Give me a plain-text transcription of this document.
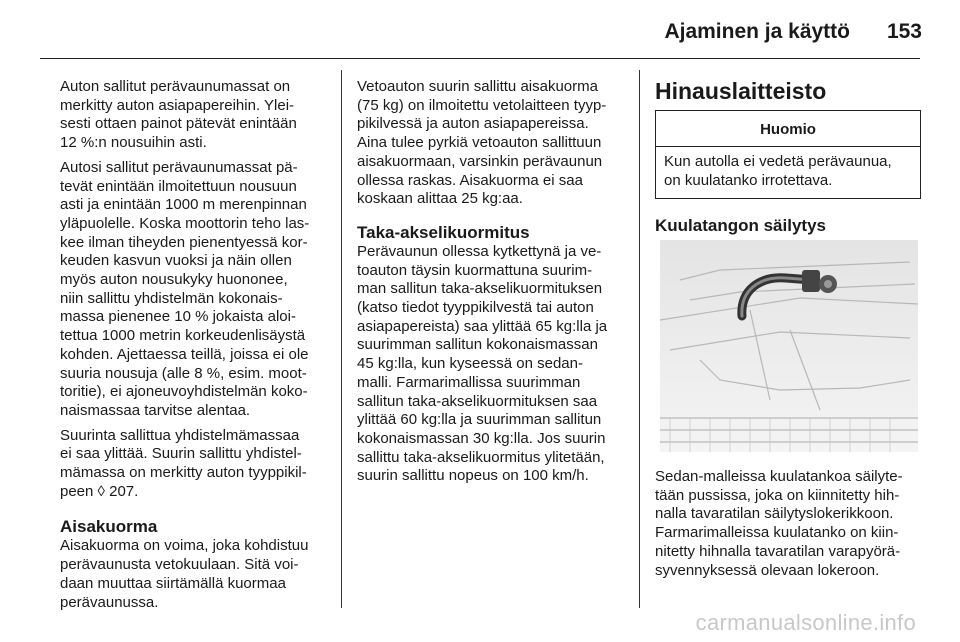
Ajaminen ja käyttö 153
Auton sallitut perävaunumassat on
merkitty auton asiapapereihin. Ylei-
sesti ottaen painot pätevät enintään
12 %:n nousuihin asti.
Autosi sallitut perävaunumassat pä-
tevät enintään ilmoitettuun nousuun
asti ja enintään 1000 m merenpinnan
yläpuolelle. Koska moottorin teho las-
kee ilman tiheyden pienentyessä kor-
keuden kasvun vuoksi ja näin ollen
myös auton nousukyky huononee,
niin sallittu yhdistelmän kokonais-
massa pienenee 10 % jokaista aloi-
tettua 1000 metrin korkeudenlisäystä
kohden. Ajettaessa teillä, joissa ei ole
suuria nousuja (alle 8 %, esim. moot-
toritie), ei ajoneuvoyhdistelmän koko-
naismassaa tarvitse alentaa.
Suurinta sallittua yhdistelmämassaa
ei saa ylittää. Suurin sallittu yhdistel-
mämassa on merkitty auton tyyppikil-
peen ◊ 207.
Aisakuorma
Aisakuorma on voima, joka kohdistuu
perävaunusta vetokuulaan. Sitä voi-
daan muuttaa siirtämällä kuormaa
perävaunussa.
Vetoauton suurin sallittu aisakuorma
(75 kg) on ilmoitettu vetolaitteen tyyp-
pikilvessä ja auton asiapapereissa.
Aina tulee pyrkiä vetoauton sallittuun
aisakuormaan, varsinkin perävaunun
ollessa raskas. Aisakuorma ei saa
koskaan alittaa 25 kg:aa.
Taka-akselikuormitus
Perävaunun ollessa kytkettynä ja ve-
toauton täysin kuormattuna suurim-
man sallitun taka-akselikuormituksen
(katso tiedot tyyppikilvestä tai auton
asiapapereista) saa ylittää 65 kg:lla ja
suurimman sallitun kokonaismassan
45 kg:lla, kun kyseessä on sedan-
malli. Farmarimallissa suurimman
sallitun taka-akselikuormituksen saa
ylittää 60 kg:lla ja suurimman sallitun
kokonaismassan 30 kg:lla. Jos suurin
sallittu taka-akselikuormitus ylitetään,
suurin sallittu nopeus on 100 km/h.
Hinauslaitteisto
Huomio
Kun autolla ei vedetä perävaunua,
on kuulatanko irrotettava.
Kuulatangon säilytys
Sedan-malleissa kuulatankoa säilyte-
tään pussissa, joka on kiinnitetty hih-
nalla tavaratilan säilytyslokerikkoon.
Farmarimalleissa kuulatanko on kiin-
nitetty hihnalla tavaratilan varapyörä-
syvennyksessä olevaan lokeroon.
carmanualsonline.info
